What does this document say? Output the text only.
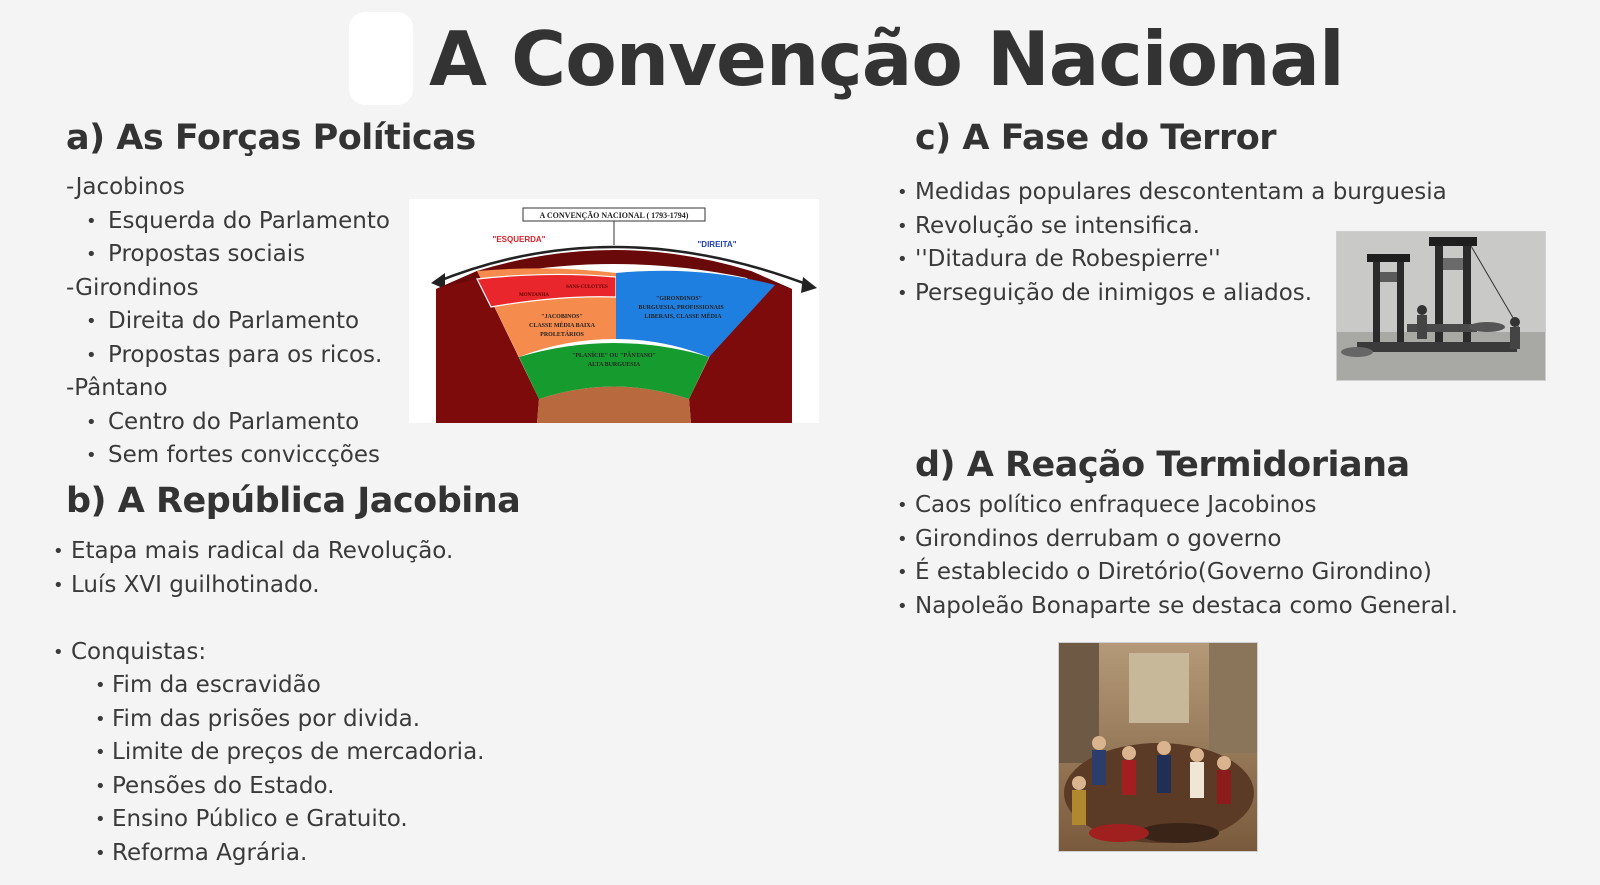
A Convenção Nacional
a) As Forças Políticas
-Jacobinos
• Esquerda do Parlamento
• Propostas sociais
-Girondinos
• Direita do Parlamento
• Propostas para os ricos.
-Pântano
• Centro do Parlamento
• Sem fortes conviccções
A CONVENÇÃO NACIONAL ( 1793-1794)
"ESQUERDA"
"DIREITA"
MONTANHA
SANS-CULOTTES
"JACOBINOS"
CLASSE MÉDIA BAIXA
PROLETÁRIOS
"GIRONDINOS"
BURGUESIA, PROFISSIONAIS
LIBERAIS, CLASSE MÉDIA
"PLANÍCIE" OU "PÂNTANO"
ALTA BURGUESIA
b) A República Jacobina
• Etapa mais radical da Revolução.
• Luís XVI guilhotinado.
• Conquistas:
• Fim da escravidão
• Fim das prisões por divida.
• Limite de preços de mercadoria.
• Pensões do Estado.
• Ensino Público e Gratuito.
• Reforma Agrária.
c) A Fase do Terror
• Medidas populares descontentam a burguesia
• Revolução se intensifica.
• ''Ditadura de Robespierre''
• Perseguição de inimigos e aliados.
d) A Reação Termidoriana
• Caos político enfraquece Jacobinos
• Girondinos derrubam o governo
• É establecido o Diretório(Governo Girondino)
• Napoleão Bonaparte se destaca como General.
